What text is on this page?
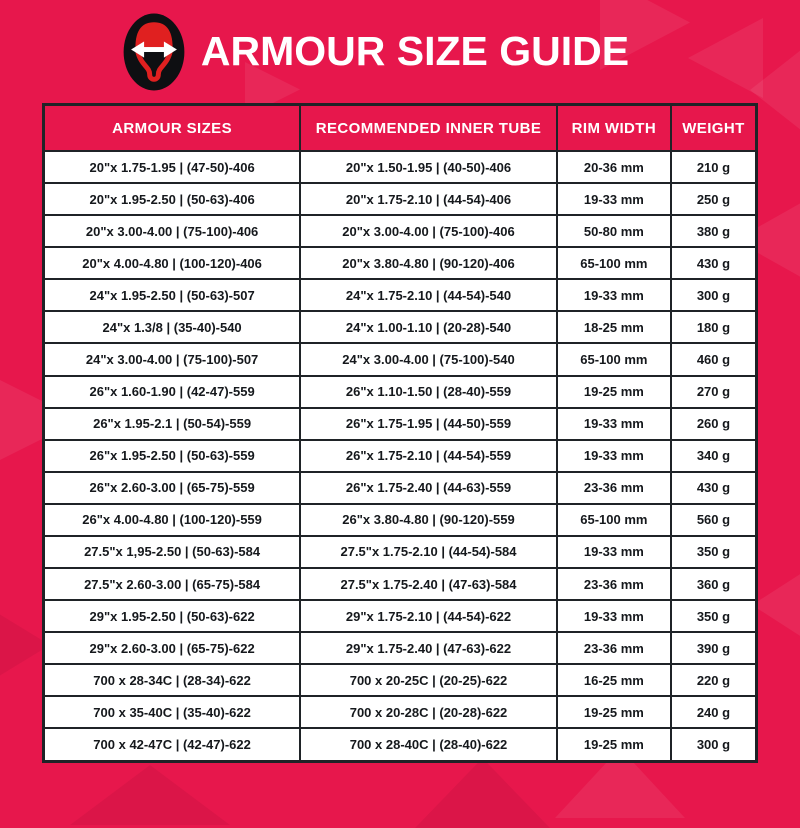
ARMOUR SIZE GUIDE
ARMOUR SIZES	RECOMMENDED INNER TUBE	RIM WIDTH	WEIGHT
20"x 1.75-1.95 | (47-50)-406	20"x 1.50-1.95 | (40-50)-406	20-36 mm	210 g
20"x 1.95-2.50 | (50-63)-406	20"x 1.75-2.10 | (44-54)-406	19-33 mm	250 g
20"x 3.00-4.00 | (75-100)-406	20"x 3.00-4.00 | (75-100)-406	50-80 mm	380 g
20"x 4.00-4.80 | (100-120)-406	20"x 3.80-4.80 | (90-120)-406	65-100 mm	430 g
24"x 1.95-2.50 | (50-63)-507	24"x 1.75-2.10 | (44-54)-540	19-33 mm	300 g
24"x 1.3/8 | (35-40)-540	24"x 1.00-1.10 | (20-28)-540	18-25 mm	180 g
24"x 3.00-4.00 | (75-100)-507	24"x 3.00-4.00 | (75-100)-540	65-100 mm	460 g
26"x 1.60-1.90 | (42-47)-559	26"x 1.10-1.50 | (28-40)-559	19-25 mm	270 g
26"x 1.95-2.1 | (50-54)-559	26"x 1.75-1.95 | (44-50)-559	19-33 mm	260 g
26"x 1.95-2.50 | (50-63)-559	26"x 1.75-2.10 | (44-54)-559	19-33 mm	340 g
26"x 2.60-3.00 | (65-75)-559	26"x 1.75-2.40 | (44-63)-559	23-36 mm	430 g
26"x 4.00-4.80 | (100-120)-559	26"x 3.80-4.80 | (90-120)-559	65-100 mm	560 g
27.5"x 1,95-2.50 | (50-63)-584	27.5"x 1.75-2.10 | (44-54)-584	19-33 mm	350 g
27.5"x 2.60-3.00 | (65-75)-584	27.5"x 1.75-2.40 | (47-63)-584	23-36 mm	360 g
29"x 1.95-2.50 | (50-63)-622	29"x 1.75-2.10 | (44-54)-622	19-33 mm	350 g
29"x 2.60-3.00 | (65-75)-622	29"x 1.75-2.40 | (47-63)-622	23-36 mm	390 g
700 x 28-34C | (28-34)-622	700 x 20-25C | (20-25)-622	16-25 mm	220 g
700 x 35-40C | (35-40)-622	700 x 20-28C | (20-28)-622	19-25 mm	240 g
700 x 42-47C | (42-47)-622	700 x 28-40C | (28-40)-622	19-25 mm	300 g
